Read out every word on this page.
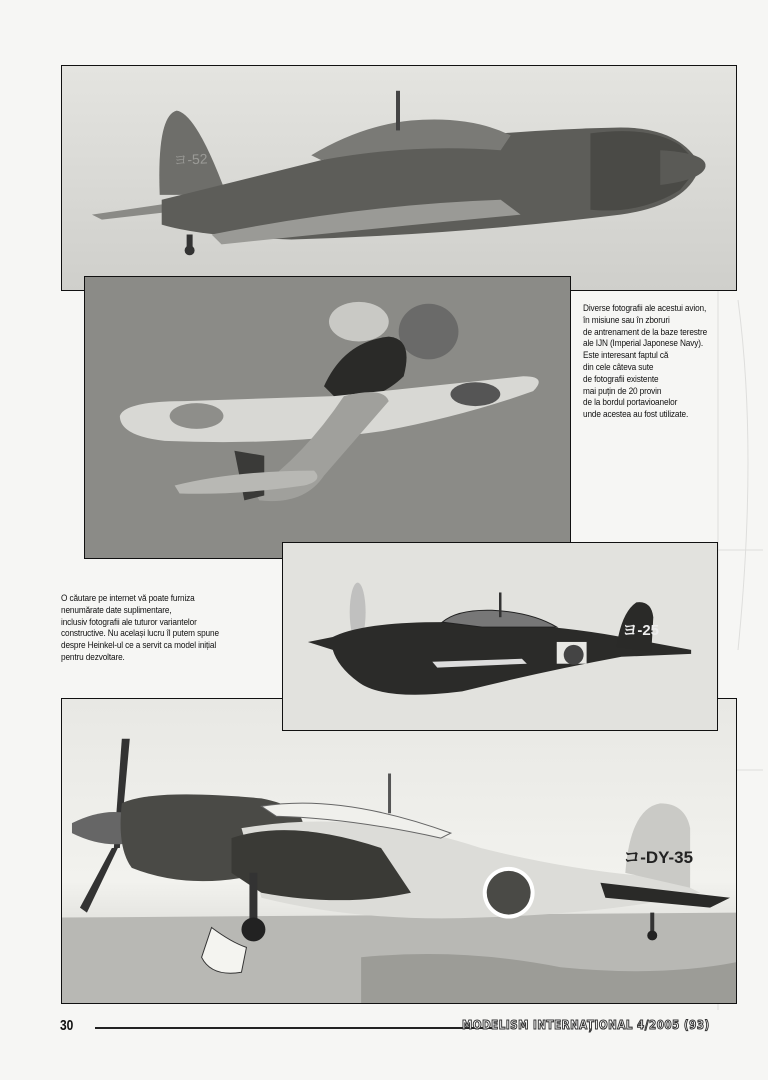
ヨ-52
ヨ-25
コ-DY-35
Diverse fotografii ale acestui avion,
în misiune sau în zboruri
de antrenament de la baze terestre
ale IJN (Imperial Japonese Navy).
Este interesant faptul că
din cele câteva sute
de fotografii existente
mai puțin de 20 provin
de la bordul portavioanelor
unde acestea au fost utilizate.
O căutare pe internet vă poate furniza
nenumărate date suplimentare,
inclusiv fotografii ale tuturor variantelor
constructive. Nu același lucru îl putem spune
despre Heinkel-ul ce a servit ca model inițial
pentru dezvoltare.
30	MODELISM INTERNAȚIONAL 4/2005 (93)
